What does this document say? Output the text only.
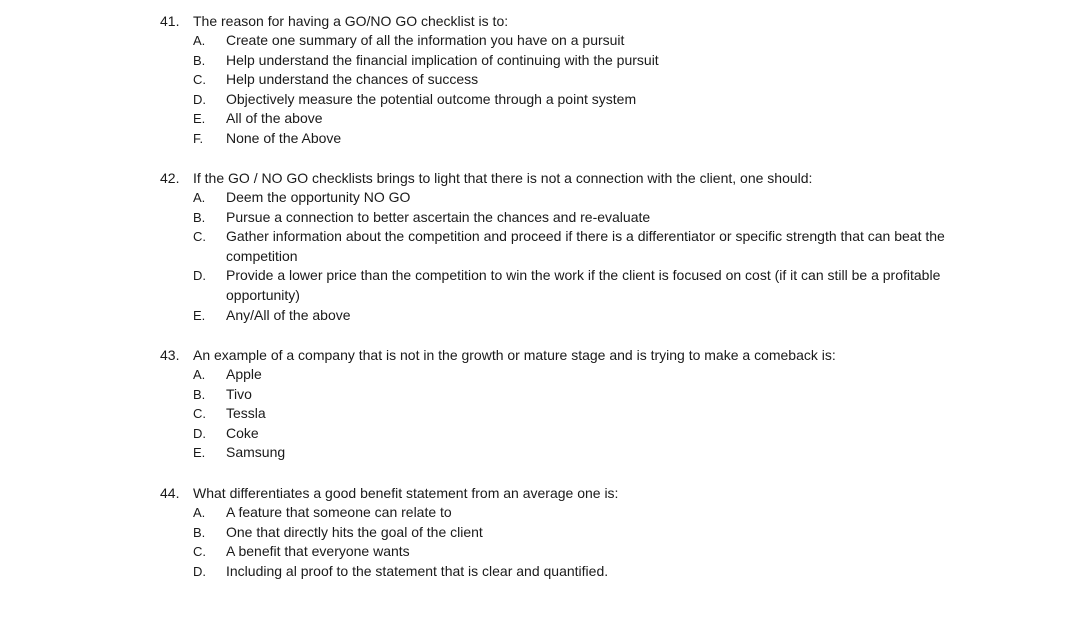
41. The reason for having a GO/NO GO checklist is to:
A.	Create one summary of all the information you have on a pursuit
B.	Help understand the financial implication of continuing with the pursuit
C.	Help understand the chances of success
D.	Objectively measure the potential outcome through a point system
E.	All of the above
F.	None of the Above
42. If the GO / NO GO checklists brings to light that there is not a connection with the client, one should:
A.	Deem the opportunity NO GO
B.	Pursue a connection to better ascertain the chances and re-evaluate
C.	Gather information about the competition and proceed if there is a differentiator or specific strength that can beat the competition
D.	Provide a lower price than the competition to win the work if the client is focused on cost (if it can still be a profitable opportunity)
E.	Any/All of the above
43. An example of a company that is not in the growth or mature stage and is trying to make a comeback is:
A.	Apple
B.	Tivo
C.	Tessla
D.	Coke
E.	Samsung
44. What differentiates a good benefit statement from an average one is:
A.	A feature that someone can relate to
B.	One that directly hits the goal of the client
C.	A benefit that everyone wants
D.	Including al proof to the statement that is clear and quantified.
